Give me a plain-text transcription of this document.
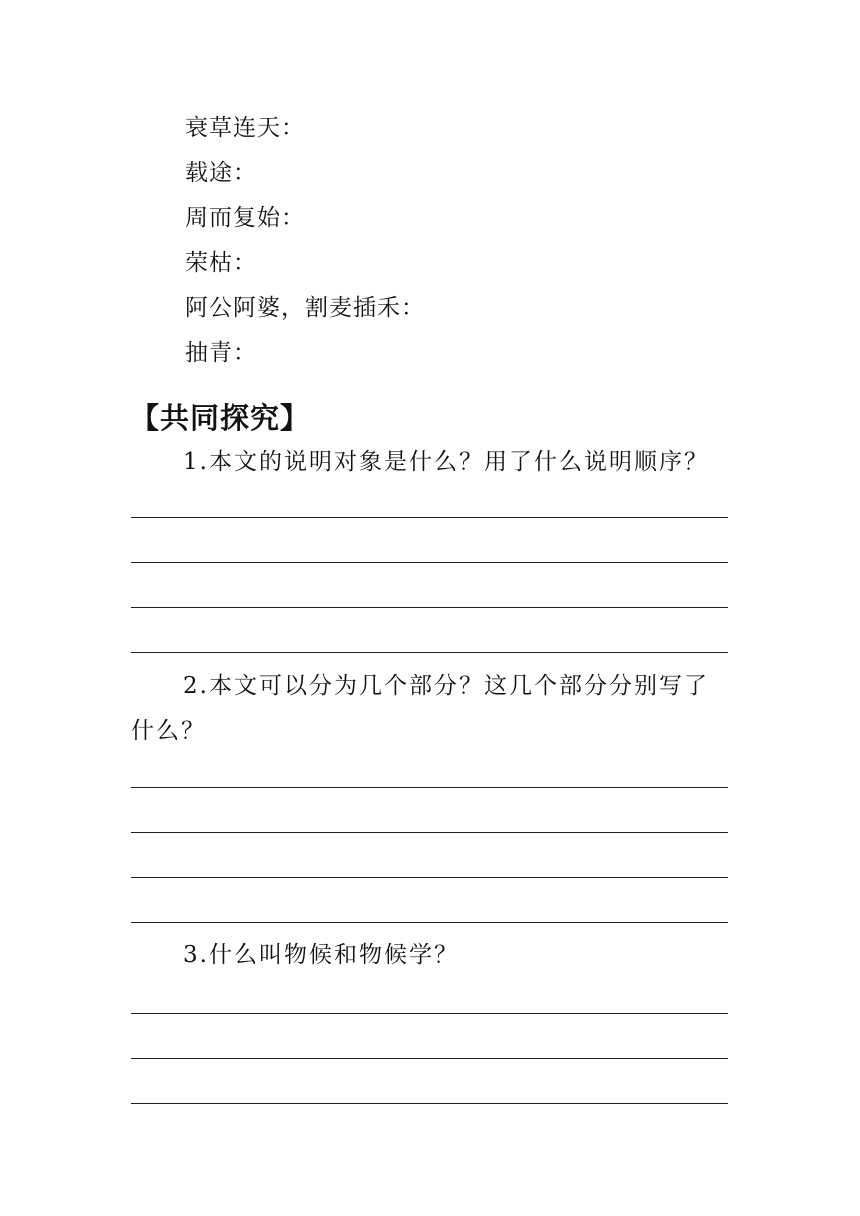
衰草连天：
载途：
周而复始：
荣枯：
阿公阿婆，割麦插禾：
抽青：
【共同探究】
1.本文的说明对象是什么？用了什么说明顺序？
2.本文可以分为几个部分？这几个部分分别写了
什么？
3.什么叫物候和物候学？
